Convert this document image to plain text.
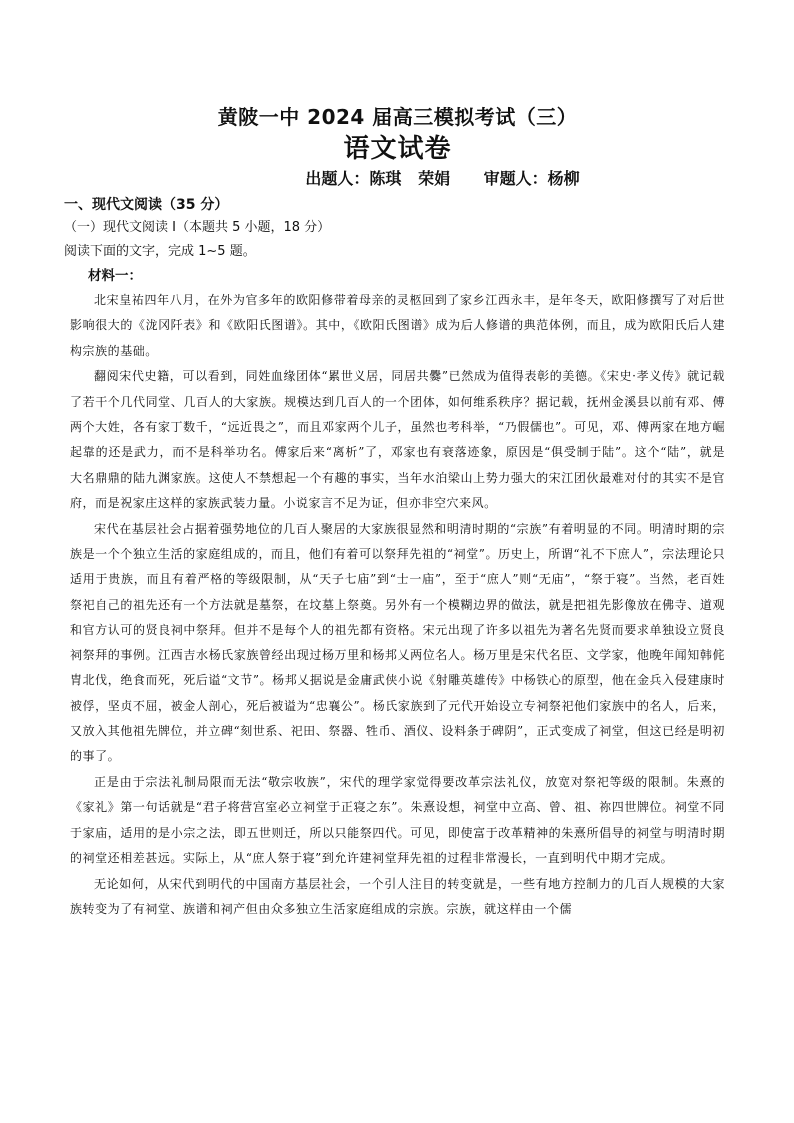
黄陂一中 2024 届高三模拟考试（三）
语文试卷
出题人：陈琪 荣娟 审题人：杨柳
一、现代文阅读（35 分）
（一）现代文阅读 I（本题共 5 小题，18 分）
阅读下面的文字，完成 1~5 题。
材料一：

北宋皇祐四年八月，在外为官多年的欧阳修带着母亲的灵柩回到了家乡江西永丰，是年冬天，欧阳修撰写了对后世影响很大的《泷冈阡表》和《欧阳氏图谱》。其中，《欧阳氏图谱》成为后人修谱的典范体例，而且，成为欧阳氏后人建构宗族的基础。

翻阅宋代史籍，可以看到，同姓血缘团体“累世义居，同居共爨”已然成为值得表彰的美德。《宋史·孝义传》就记载了若干个几代同堂、几百人的大家族。规模达到几百人的一个团体，如何维系秩序？据记载，抚州金溪县以前有邓、傅两个大姓，各有家丁数千，“远近畏之”，而且邓家两个儿子，虽然也考科举，“乃假儒也”。可见，邓、傅两家在地方崛起靠的还是武力，而不是科举功名。傅家后来“离析”了，邓家也有衰落迹象，原因是“俱受制于陆”。这个“陆”，就是大名鼎鼎的陆九渊家族。这使人不禁想起一个有趣的事实，当年水泊梁山上势力强大的宋江团伙最难对付的其实不是官府，而是祝家庄这样的家族武装力量。小说家言不足为证，但亦非空穴来风。

宋代在基层社会占据着强势地位的几百人聚居的大家族很显然和明清时期的“宗族”有着明显的不同。明清时期的宗族是一个个独立生活的家庭组成的，而且，他们有着可以祭拜先祖的“祠堂”。历史上，所谓“礼不下庶人”，宗法理论只适用于贵族，而且有着严格的等级限制，从“天子七庙”到“士一庙”，至于“庶人”则“无庙”，“祭于寝”。当然，老百姓祭祀自己的祖先还有一个方法就是墓祭，在坟墓上祭奠。另外有一个模糊边界的做法，就是把祖先影像放在佛寺、道观和官方认可的贤良祠中祭拜。但并不是每个人的祖先都有资格。宋元出现了许多以祖先为著名先贤而要求单独设立贤良祠祭拜的事例。江西吉水杨氏家族曾经出现过杨万里和杨邦乂两位名人。杨万里是宋代名臣、文学家，他晚年闻知韩侂胄北伐，绝食而死，死后谥“文节”。杨邦乂据说是金庸武侠小说《射雕英雄传》中杨铁心的原型，他在金兵入侵建康时被俘，坚贞不屈，被金人剖心，死后被谥为“忠襄公”。杨氏家族到了元代开始设立专祠祭祀他们家族中的名人，后来，又放入其他祖先牌位，并立碑“刻世系、祀田、祭器、牲币、酒仪、设料条于碑阴”，正式变成了祠堂，但这已经是明初的事了。

正是由于宗法礼制局限而无法“敬宗收族”，宋代的理学家觉得要改革宗法礼仪，放宽对祭祀等级的限制。朱熹的《家礼》第一句话就是“君子将营宫室必立祠堂于正寝之东”。朱熹设想，祠堂中立高、曾、祖、祢四世牌位。祠堂不同于家庙，适用的是小宗之法，即五世则迁，所以只能祭四代。可见，即使富于改革精神的朱熹所倡导的祠堂与明清时期的祠堂还相差甚远。实际上，从“庶人祭于寝”到允许建祠堂拜先祖的过程非常漫长，一直到明代中期才完成。

无论如何，从宋代到明代的中国南方基层社会，一个引人注目的转变就是，一些有地方控制力的几百人规模的大家族转变为了有祠堂、族谱和祠产但由众多独立生活家庭组成的宗族。宗族，就这样由一个儒
